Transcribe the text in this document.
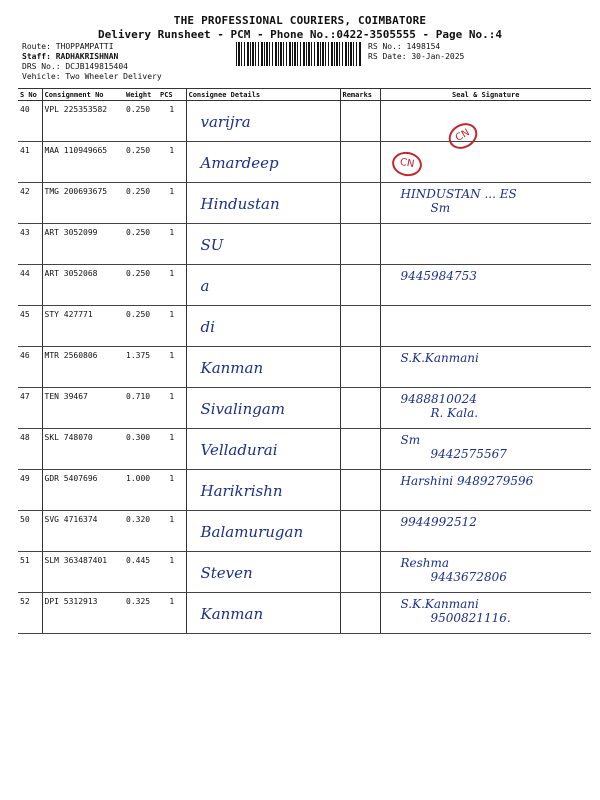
THE PROFESSIONAL COURIERS, COIMBATORE
Delivery Runsheet - PCM - Phone No.:0422-3505555 - Page No.:4
Route: THOPPAMPATTI
Staff: RADHAKRISHNAN
DRS No.: DCJB149815404
Vehicle: Two Wheeler Delivery
RS No.: 1498154
RS Date: 30-Jan-2025
S No	Consignment No	Weight	PCS	Consignee Details	Remarks	Seal & Signature
40	VPL 225353582	0.250	1	varijra		

41	MAA 110949665	0.250	1	Amardeep		

42	TMG 200693675	0.250	1	Hindustan		HINDUSTAN ... ES
Sm

43	ART 3052099	0.250	1	SU		

44	ART 3052068	0.250	1	a		9445984753

45	STY 427771	0.250	1	di		

46	MTR 2560806	1.375	1	Kanman		S.K.Kanmani

47	TEN 39467	0.710	1	Sivalingam		9488810024
R. Kala.

48	SKL 748070	0.300	1	Velladurai		Sm
9442575567

49	GDR 5407696	1.000	1	Harikrishn		Harshini 9489279596

50	SVG 4716374	0.320	1	Balamurugan		9944992512

51	SLM 363487401	0.445	1	Steven		Reshma
9443672806

52	DPI 5312913	0.325	1	Kanman		S.K.Kanmani
9500821116.
CN
CN
